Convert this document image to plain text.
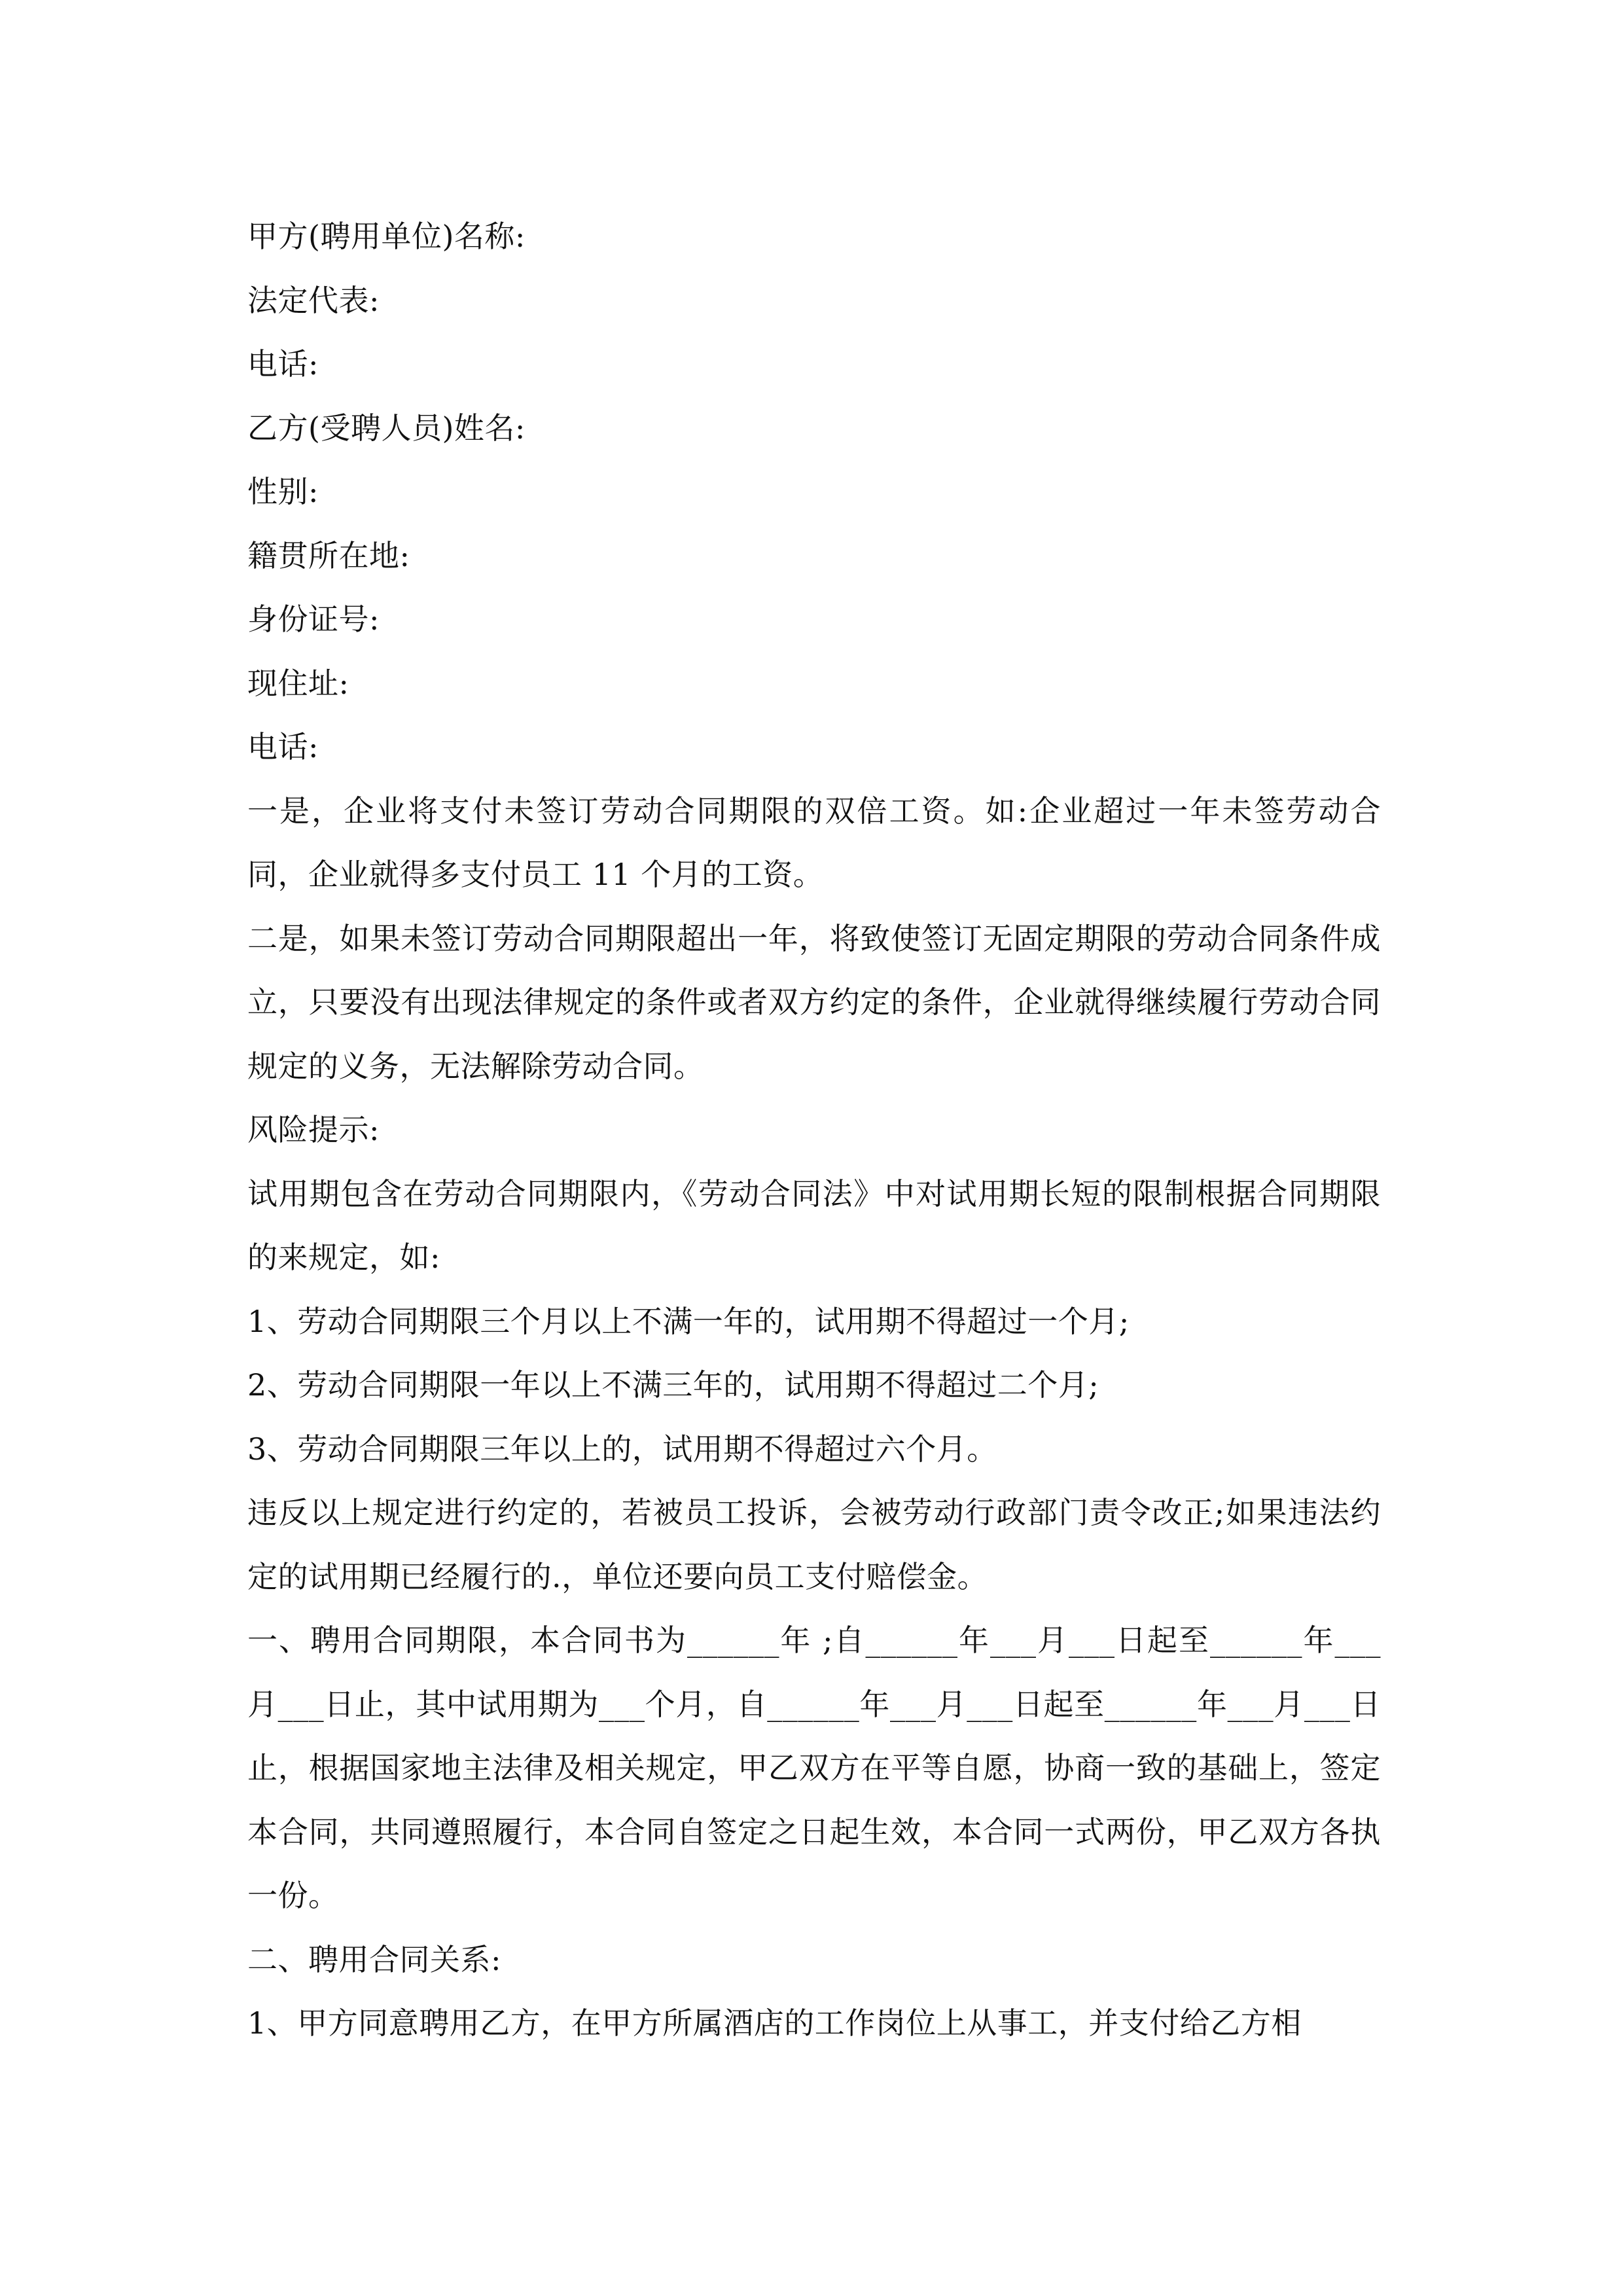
甲方(聘用单位)名称:

法定代表:

电话:

乙方(受聘人员)姓名:

性别:

籍贯所在地:

身份证号:

现住址:

电话:

一是，企业将支付未签订劳动合同期限的双倍工资。如:企业超过一年未签劳动合同，企业就得多支付员工 11 个月的工资。

二是，如果未签订劳动合同期限超出一年，将致使签订无固定期限的劳动合同条件成立，只要没有出现法律规定的条件或者双方约定的条件，企业就得继续履行劳动合同规定的义务，无法解除劳动合同。

风险提示:

试用期包含在劳动合同期限内，《劳动合同法》中对试用期长短的限制根据合同期限的来规定，如:

1、劳动合同期限三个月以上不满一年的，试用期不得超过一个月;

2、劳动合同期限一年以上不满三年的，试用期不得超过二个月;

3、劳动合同期限三年以上的，试用期不得超过六个月。

违反以上规定进行约定的，若被员工投诉，会被劳动行政部门责令改正;如果违法约定的试用期已经履行的.，单位还要向员工支付赔偿金。

一、聘用合同期限，本合同书为______年 ;自______年___月___日起至______年___月___日止，其中试用期为___个月，自______年___月___日起至______年___月___日止，根据国家地主法律及相关规定，甲乙双方在平等自愿，协商一致的基础上，签定本合同，共同遵照履行，本合同自签定之日起生效，本合同一式两份，甲乙双方各执一份。

二、聘用合同关系:

1、甲方同意聘用乙方，在甲方所属酒店的工作岗位上从事工，并支付给乙方相
